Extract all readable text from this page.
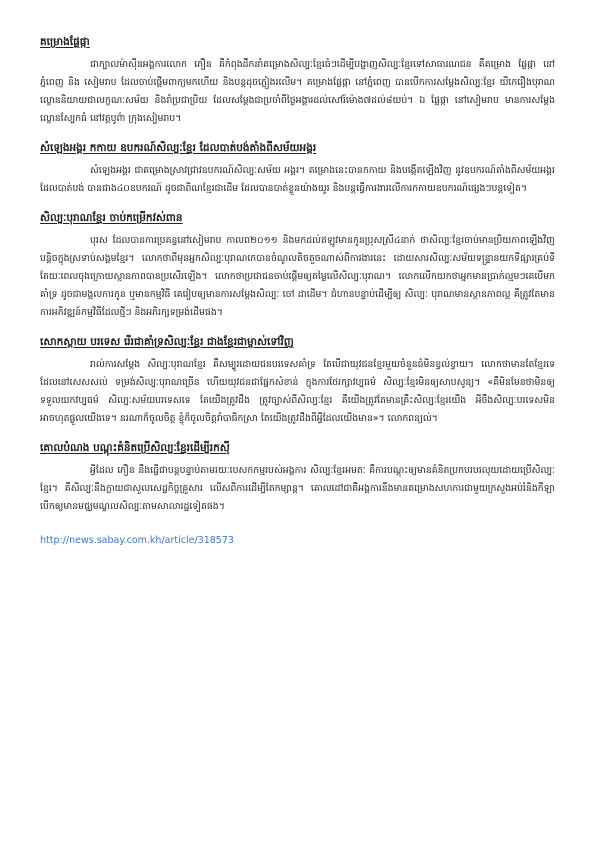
គម្រោងផ្លែផ្កា

ជាក្បាលម៉ាស៊ីនអង្គការលោក ភឿន គឺកំពុងដឹកនាំគម្រោងសិល្បៈខ្មែរធំៗដើម្បីបង្ហាញសិល្បៈខ្មែរទៅសាធារណជន គឺគម្រោង ផ្លែផ្កា នៅភ្នំពេញ និង សៀមរាប ដែលចាប់ផ្ដើមពាក្យមកហើយ និងបន្តដុចភ្លៀងរលើម។ គម្រោងផ្លែផ្កា នៅភ្នំពេញ បានបើកការសម្ដែងសិល្បៈខ្មែរ យីកេរឿងបុរាណ ល្ខោននិយាយជាលក្ខណៈសម័យ និងរាំប្រជាប្រិយ ដែលសម្ដែងជាប្រចាំពីថ្ងៃអង្គារដល់សៅរ៍ម៉ោង៧ដល់៨យប់។ ឯ ផ្លែផ្កា នៅសៀមរាប មានការសម្ដែងល្ខោនស្បែកធំ នៅវត្តបូព៌ា ក្រុងសៀមរាប។

សំឡេងអង្គរ កកាយ ឧបករណ៍សិល្បៈខ្មែរ ដែលបាត់បង់តាំងពីសម័យអង្គរ

សំឡេងអង្គរ ជាគម្រោងស្រាវជ្រាវឧបករណ៍សិល្បៈសម័យ អង្គរ។ គម្រោងនេះបានកកាយ និងបង្កើតឡើងវិញ នូវឧបករណ៍តាំងពីសម័យអង្គរដែលបាត់បង់ បានជាង៤០ឧបករណ៍ ដូចជាពិណខ្មែរជាដើម ដែលបានបាត់ខ្លួនយ៉ាងយូរ និងបន្តធ្វើការងារលើការកកាយឧបករណ៍ផ្សេងៗបន្តទៀត។

សិល្បៈបុរាណខ្មែរ ចាប់កម្រើកវស់ពាន

បុរស ដែលបានការប្រគន្ធនៅសៀមរាប កាលព២០១១ និងមកដល់ឥឡូវមានកូនប្រុសស្រី៤នាក់ ថាសិល្បៈខ្មែរចាប់មានប្រិយភាពឡើងវិញបន្តិចក្នុងស្រទាប់សង្គមខ្មែរ។ លោកថាពីមុនអ្នកសិល្បៈបុរាណកេបានចំណូលតិចតួចណាស់ពីការងារនេះ ដោយសារសិល្បៈសម័យទន្ទ្រានយកទីផ្សារគ្រប់ទី តែយៈពេលចុងក្រោយស្ថានភាពបានប្រសើរឡើង។ លោកថាប្រជាជនចាប់ផ្ដើមឲ្យតម្លៃលើសិល្បៈបុរាណ។ លោកលើកយកថាអ្នកមានប្រាក់ល្មមៗគេបើមកគាំទ្រ ដូចជាមង្គលការកូន ឬមានកម្មវិធី គេរៀបឲ្យមានការសម្ដែងសិល្បៈ ចៅ ដាដើម។ ជំហានបន្ទាប់ដើម្បីឲ្យ សិល្បៈ បុរាណមានស្ថានភាពល្អ គឺត្រូវតែមានការអភិវឌ្ឍន៍កម្មវិធីដែលថ្មីៗ និងអភិរក្សទម្រង់ដើមផង។

សោកស្ដាយ បរទេស រើរជាគាំទ្រសិល្បៈខ្មែរ ជាងខ្មែរជាម្ចាស់ទៅវិញ

រាល់ការសម្ដែង សិល្បៈបុរាណខ្មែរ គឺសម្បូរដោយជនបរទេសគាំទ្រ តែបើជាយុវជនខ្មែរមួយចំនួនធំមិនខ្វល់ខ្វាយ។ លោកថាមានតែខ្មែរទេដែលនៅសេសសល់ ទម្រង់សិល្បៈបុរាណច្រើន ហើយយុវជនជាផ្នែកសំខាន់ ក្នុងការថែរក្សាវប្បធម៌ សិល្បៈខ្មែរមិនឲ្យសាបសូន្យ។ «គឺមិនមែនថាមិនឲ្យទទួលយកវប្បធម៌ សិល្បៈសម័យបរទេសទេ តែយើងត្រូវដឹង ត្រូវច្បាស់ពីសិល្បៈខ្មែរ គឺយើងត្រូវតែមានគ្រឹះសិល្បៈខ្មែរយើង អីចឹងសិល្បៈបរទេសមិនអាចហុតផ្លួលយើងទេ។ នរណាក៏ចូលចិត្ត ខ្ញុំក៏ចូលចិត្តរាំបាធិកស្រា តែយើងត្រូវដឹងពីអ្វីដែលយើងមាន»។ លោកពន្យល់។

គោលបំណង បណ្ដុះគំនិតប្រើសិល្បៈខ្មែរដើម្បីរកស៊ី

អ្វីដែល ភឿន នឹងធ្វើជាបន្តបន្ទាប់តាមរយៈបេសកកម្មរបស់អង្គការ សិល្បៈខ្មែរអមតៈ គឺការបណ្ដុះឲ្យមានគំនិតប្រកបរបរលុយដោយប្រើសិល្បៈខ្មែរ។ គឺសិល្បៈនឹងក្លាយជាសួលសេដ្ឋកិច្ចគ្រួសារ លើសពីការដើម្បីតែកម្សាន្ត។ គោលដៅជាគឺអង្គការនឹងមានគម្រោងសហការជាមួយក្រសួងអប់រំនិងកីឡា បើកឲ្យមានមជ្ឈមណ្ឌលសិល្បៈតាមសាលារដ្ឋទៀតផង។

http://news.sabay.com.kh/article/318573
